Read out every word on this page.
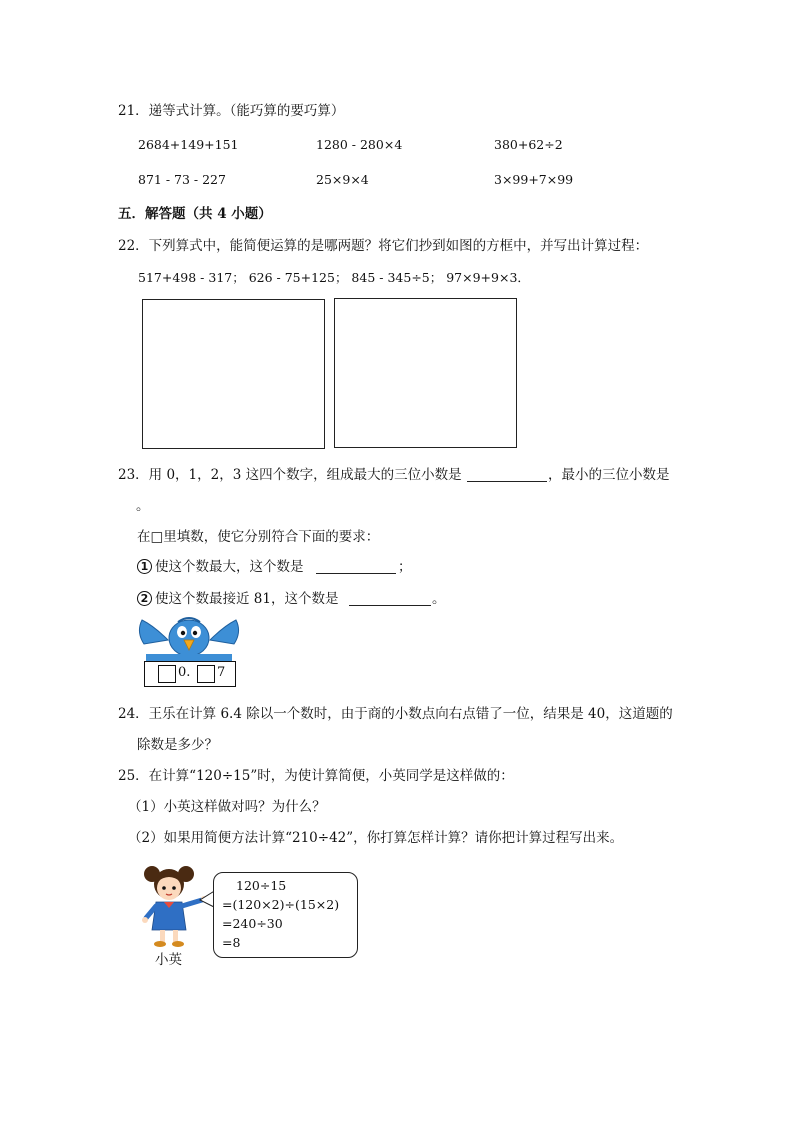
21．递等式计算。（能巧算的要巧算）
2684+149+151	1280 - 280×4	380+62÷2
871 - 73 - 227	25×9×4	3×99+7×99
五．解答题（共 4 小题）
22．下列算式中，能简便运算的是哪两题？将它们抄到如图的方框中，并写出计算过程：
517+498 - 317； 626 - 75+125； 845 - 345÷5； 97×9+9×3．
23．用 0，1，2，3 这四个数字，组成最大的三位小数是	，最小的三位小数是
。
在□里填数，使它分别符合下面的要求：
1 使这个数最大，这个数是	；
2 使这个数最接近 81，这个数是	。
0. 7
24．王乐在计算 6.4 除以一个数时，由于商的小数点向右点错了一位，结果是 40，这道题的
除数是多少？
25．在计算“120÷15”时，为使计算简便，小英同学是这样做的：
（1）小英这样做对吗？为什么？
（2）如果用简便方法计算“210÷42”，你打算怎样计算？请你把计算过程写出来。
小英
120÷15
=(120×2)÷(15×2)
=240÷30
=8
